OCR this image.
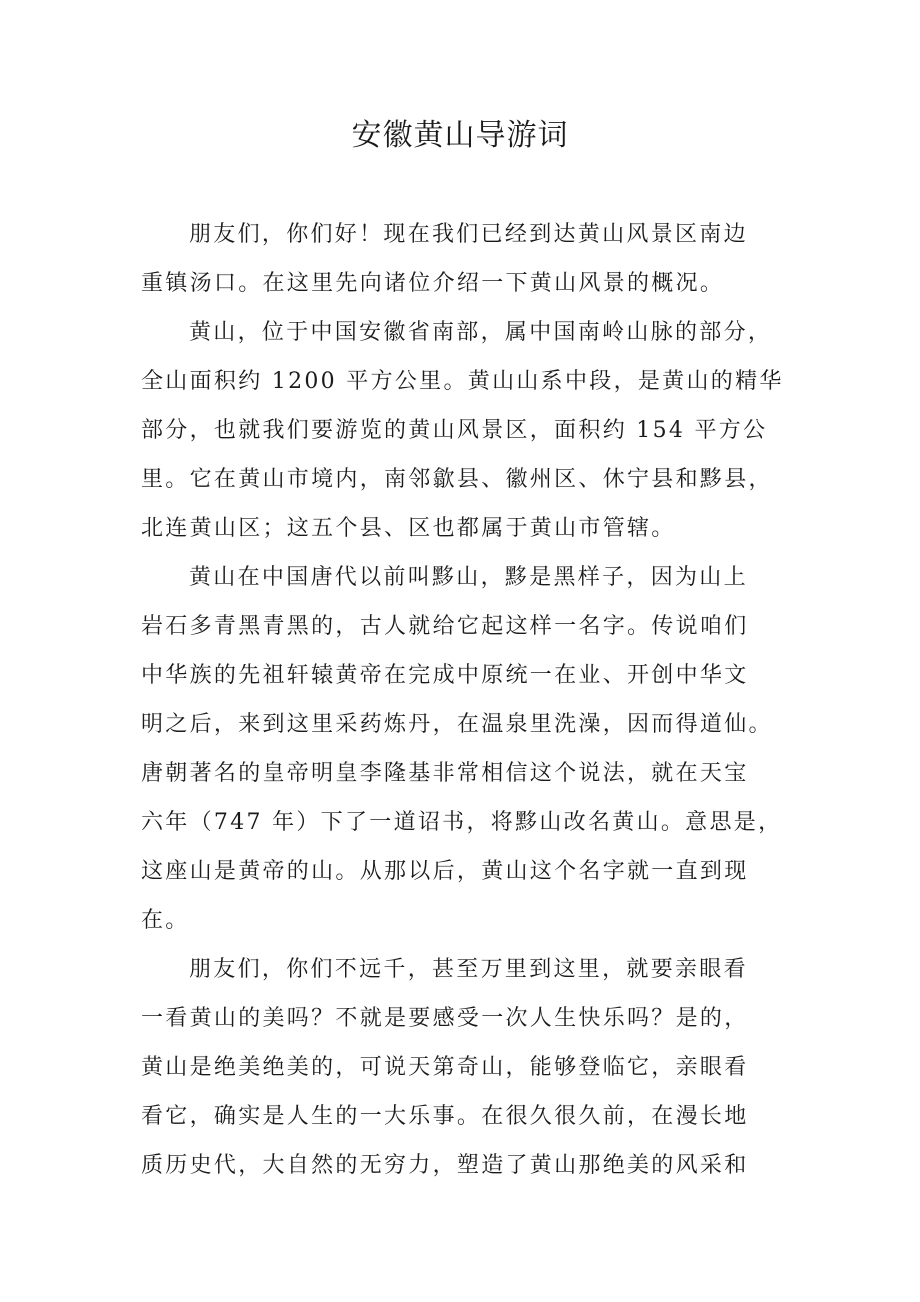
安徽黄山导游词

朋友们，你们好！现在我们已经到达黄山风景区南边
重镇汤口。在这里先向诸位介绍一下黄山风景的概况。

黄山，位于中国安徽省南部，属中国南岭山脉的部分，
全山面积约 1200 平方公里。黄山山系中段，是黄山的精华
部分，也就我们要游览的黄山风景区，面积约 154 平方公
里。它在黄山市境内，南邻歙县、徽州区、休宁县和黟县，
北连黄山区；这五个县、区也都属于黄山市管辖。

黄山在中国唐代以前叫黟山，黟是黑样子，因为山上
岩石多青黑青黑的，古人就给它起这样一名字。传说咱们
中华族的先祖轩辕黄帝在完成中原统一在业、开创中华文
明之后，来到这里采药炼丹，在温泉里洗澡，因而得道仙。
唐朝著名的皇帝明皇李隆基非常相信这个说法，就在天宝
六年（747 年）下了一道诏书，将黟山改名黄山。意思是，
这座山是黄帝的山。从那以后，黄山这个名字就一直到现
在。

朋友们，你们不远千，甚至万里到这里，就要亲眼看
一看黄山的美吗？不就是要感受一次人生快乐吗？是的，
黄山是绝美绝美的，可说天第奇山，能够登临它，亲眼看
看它，确实是人生的一大乐事。在很久很久前，在漫长地
质历史代，大自然的无穷力，塑造了黄山那绝美的风采和
